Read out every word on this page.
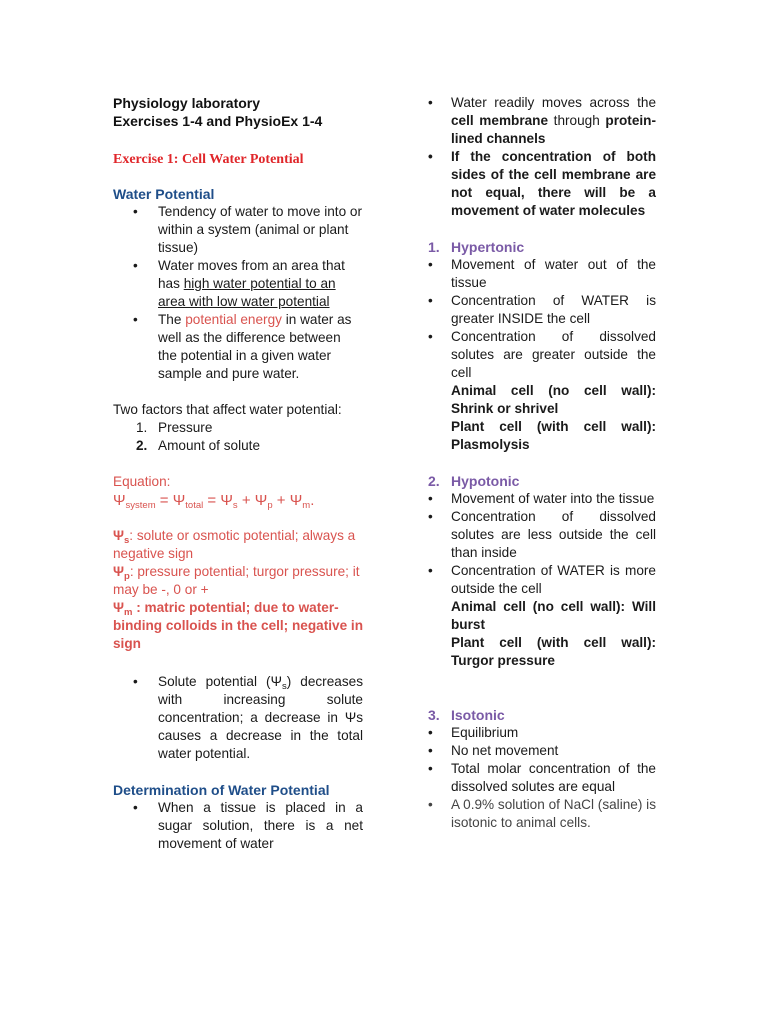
Physiology laboratory
Exercises 1-4 and PhysioEx 1-4
Exercise 1: Cell Water Potential
Water Potential
• Tendency of water to move into or within a system (animal or plant tissue)
• Water moves from an area that has high water potential to an area with low water potential
• The potential energy in water as well as the difference between the potential in a given water sample and pure water.
Two factors that affect water potential:
1. Pressure
2. Amount of solute
Equation:
$\Psi_{system} = \Psi_{total} = \Psi_s + \Psi_p + \Psi_m$.
$\Psi_s$: solute or osmotic potential; always a negative sign
$\Psi_p$: pressure potential; turgor pressure; it may be -, 0 or +
$\Psi_m$ : matric potential; due to water-binding colloids in the cell; negative in sign
• Solute potential $(\Psi_s)$ decreases with increasing solute concentration; a decrease in Ψs causes a decrease in the total water potential.
Determination of Water Potential
• When a tissue is placed in a sugar solution, there is a net movement of water
• Water readily moves across the cell membrane through protein-lined channels
• If the concentration of both sides of the cell membrane are not equal, there will be a movement of water molecules
1. Hypertonic
• Movement of water out of the tissue
• Concentration of WATER is greater INSIDE the cell
• Concentration of dissolved solutes are greater outside the cell
Animal cell (no cell wall): Shrink or shrivel
Plant cell (with cell wall): Plasmolysis
2. Hypotonic
• Movement of water into the tissue
• Concentration of dissolved solutes are less outside the cell than inside
• Concentration of WATER is more outside the cell
Animal cell (no cell wall): Will burst
Plant cell (with cell wall): Turgor pressure
3. Isotonic
• Equilibrium
• No net movement
• Total molar concentration of the dissolved solutes are equal
• A 0.9% solution of NaCl (saline) is isotonic to animal cells.
